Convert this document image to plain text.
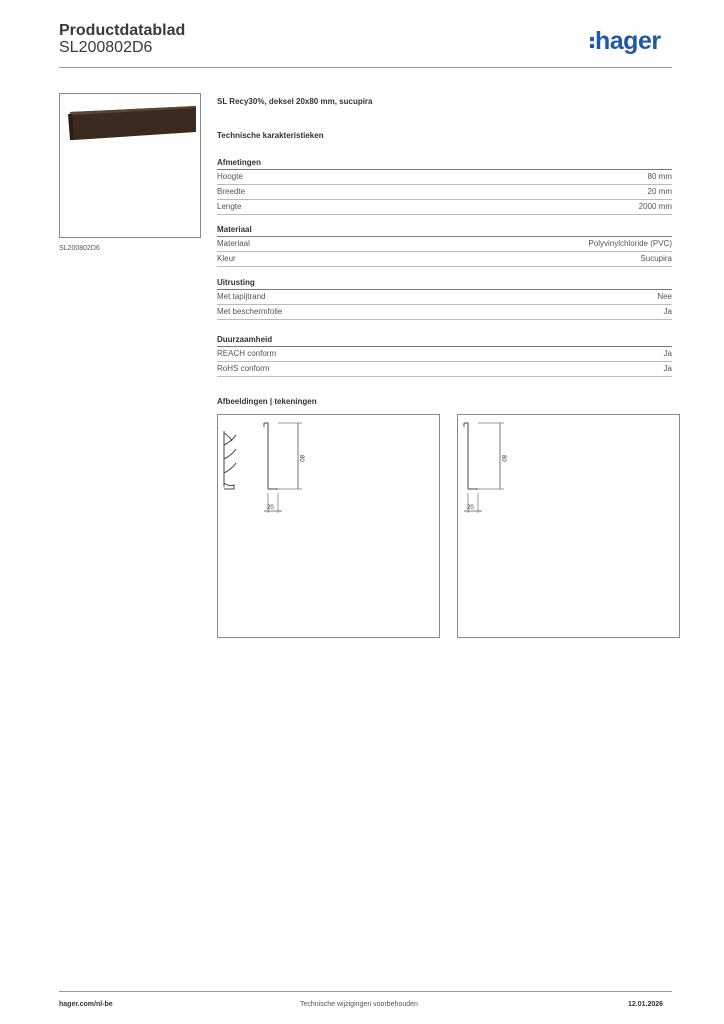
Productdatablad
SL200802D6	hager
SL200802D6
SL Recy30%, deksel 20x80 mm, sucupira
Technische karakteristieken
Afmetingen
Hoogte	80 mm
Breedte	20 mm
Lengte	2000 mm
Materiaal
Materiaal	Polyvinylchloride (PVC)
Kleur	Sucupira
Uitrusting
Met tapijtrand	Nee
Met beschermfolie	Ja
Duurzaamheid
REACH conform	Ja
RoHS conform	Ja
Afbeeldingen | tekeningen
80
20
80
20
hager.com/nl-be	Technische wijzigingen voorbehouden	12.01.2026
